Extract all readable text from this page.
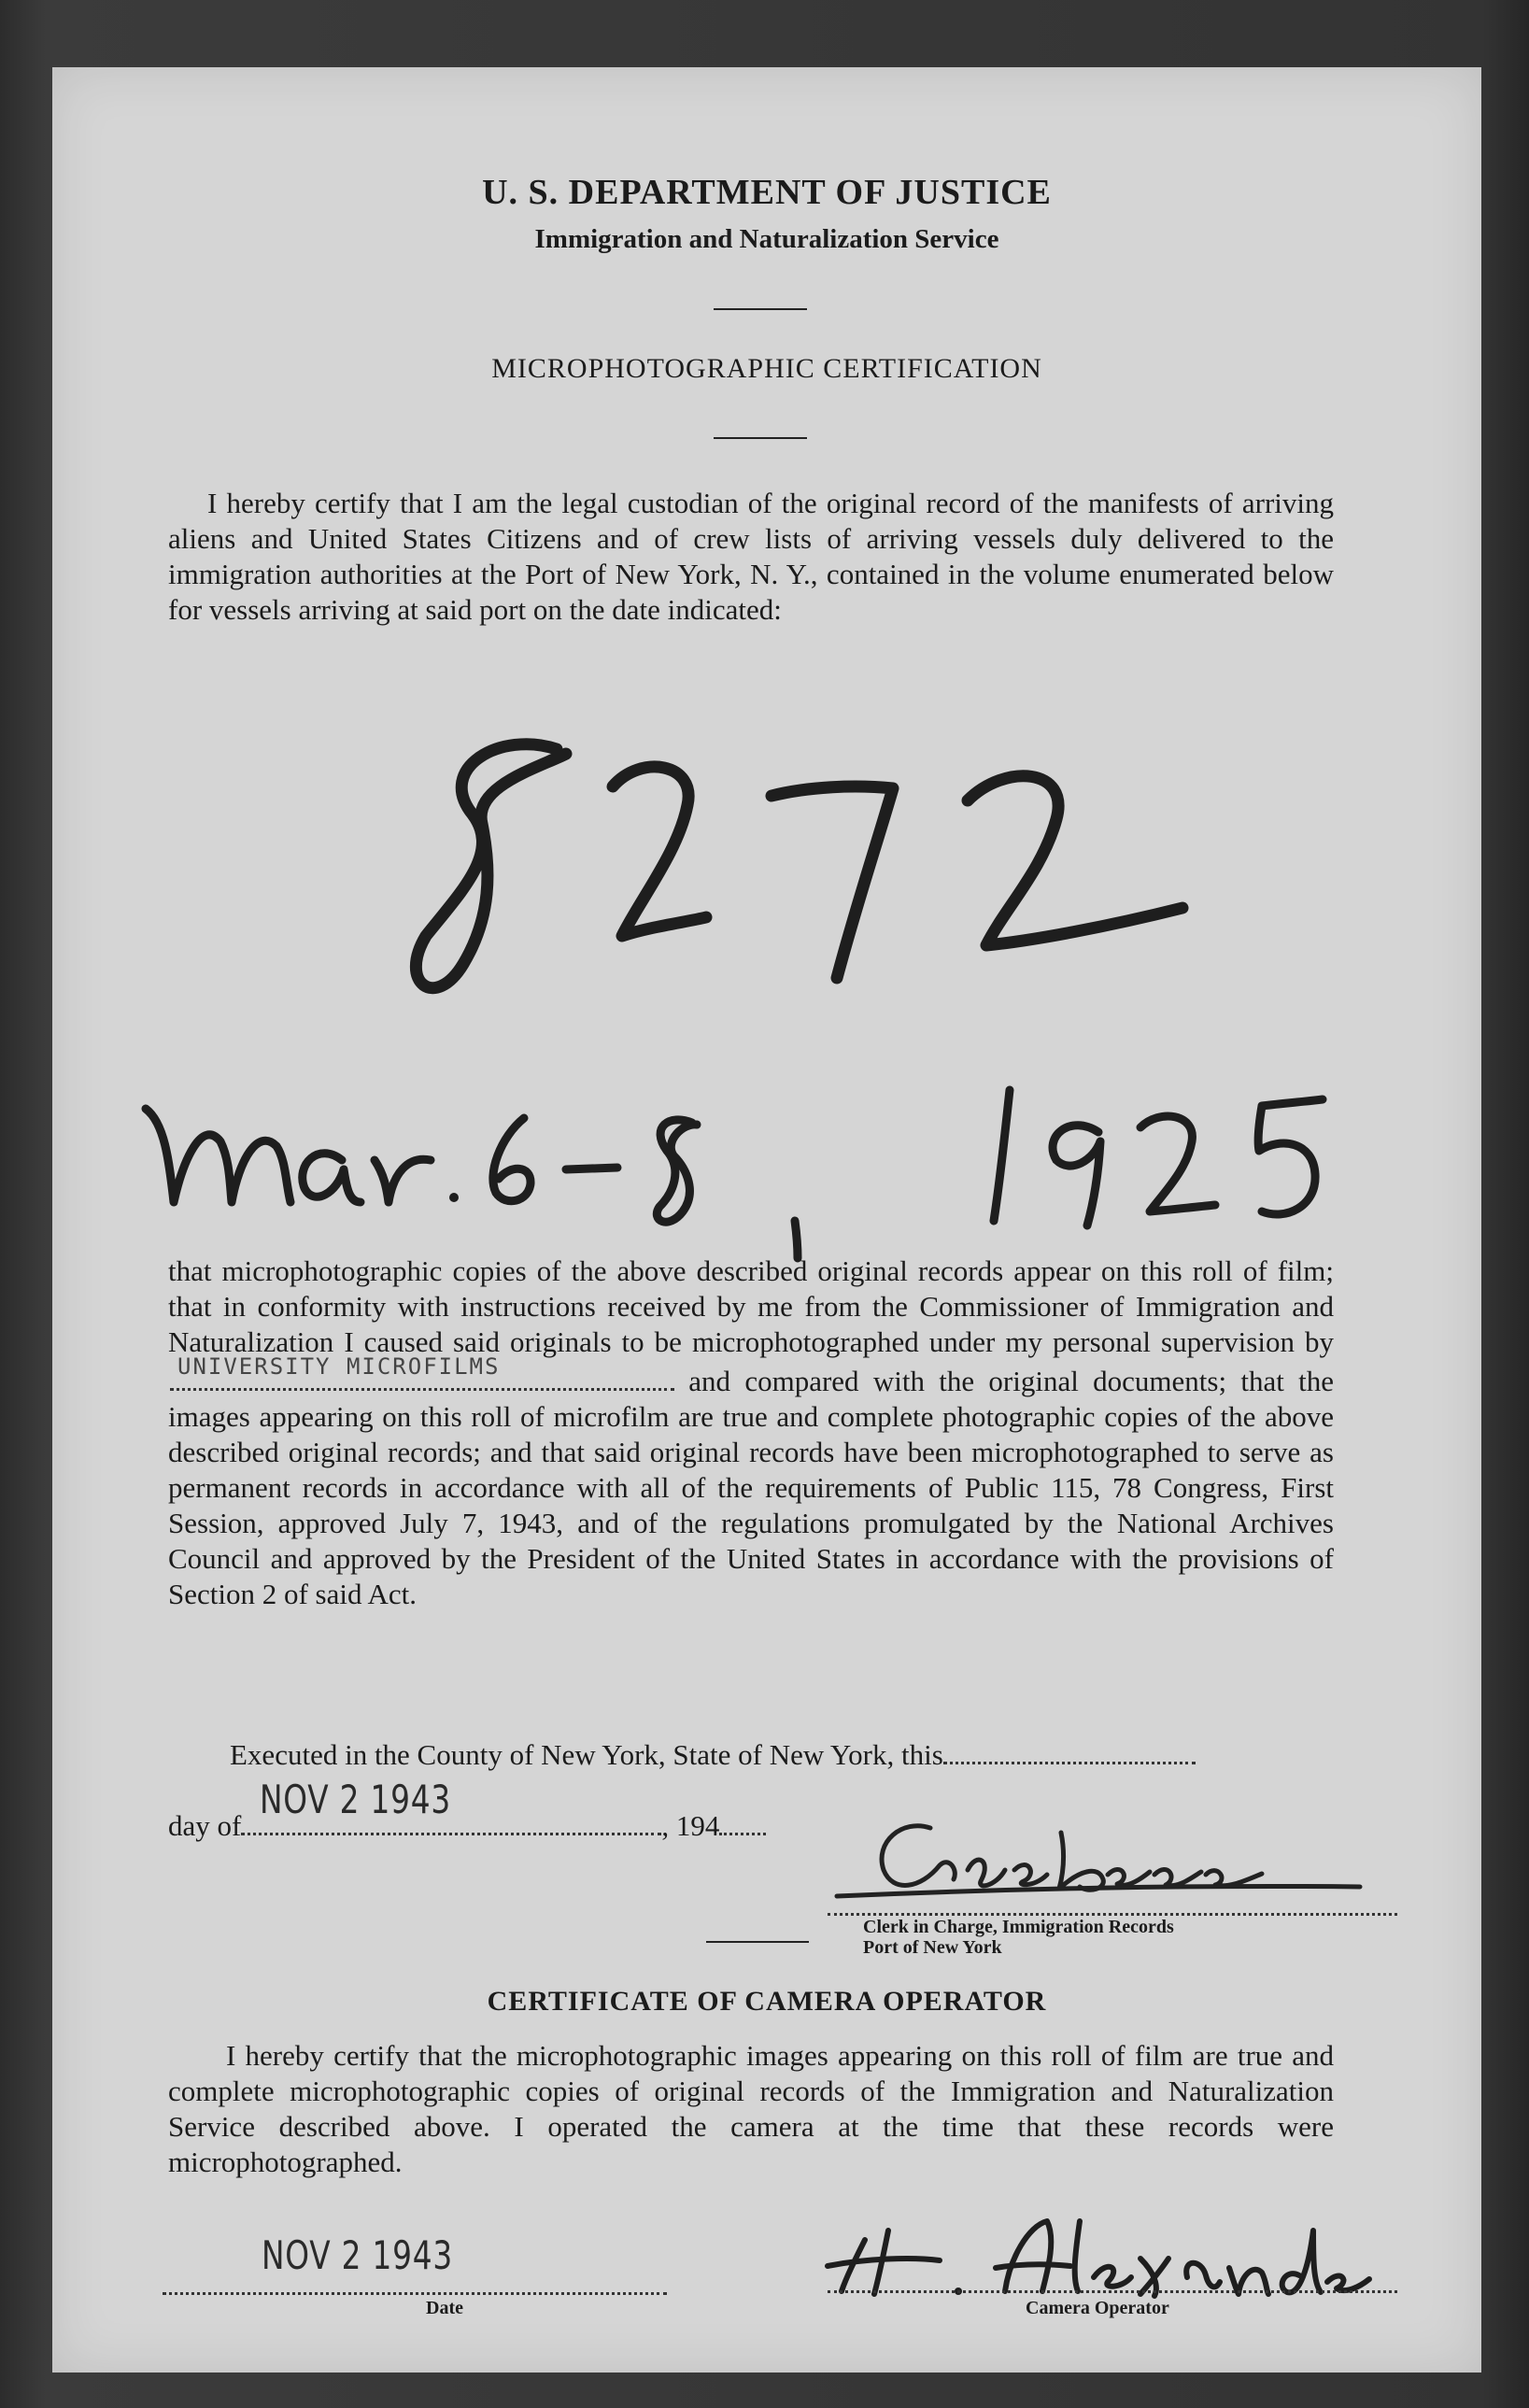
U. S. DEPARTMENT OF JUSTICE
Immigration and Naturalization Service
MICROPHOTOGRAPHIC CERTIFICATION

I hereby certify that I am the legal custodian of the original record of the manifests of arriving aliens and United States Citizens and of crew lists of arriving vessels duly delivered to the immigration authorities at the Port of New York, N. Y., contained in the volume enumerated below for vessels arriving at said port on the date indicated:

that microphotographic copies of the above described original records appear on this roll of film; that in conformity with instructions received by me from the Commissioner of Immigration and Naturalization I caused said originals to be microphotographed under my personal supervision by
UNIVERSITY MICROFILMS	and compared with the original documents; that the images appearing on this roll of microfilm are true and complete photographic copies of the above described original records; and that said original records have been microphotographed to serve as permanent records in accordance with all of the requirements of Public 115, 78 Congress, First Session, approved July 7, 1943, and of the regulations promulgated by the National Archives Council and approved by the President of the United States in accordance with the provisions of Section 2 of said Act.

Executed in the County of New York, State of New York, this
day of
NOV 2 1943
, 194
Clerk in Charge, Immigration Records
Port of New York
CERTIFICATE OF CAMERA OPERATOR

I hereby certify that the microphotographic images appearing on this roll of film are true and complete microphotographic copies of original records of the Immigration and Naturalization Service described above. I operated the camera at the time that these records were microphotographed.

NOV 2 1943
Date	Camera Operator
